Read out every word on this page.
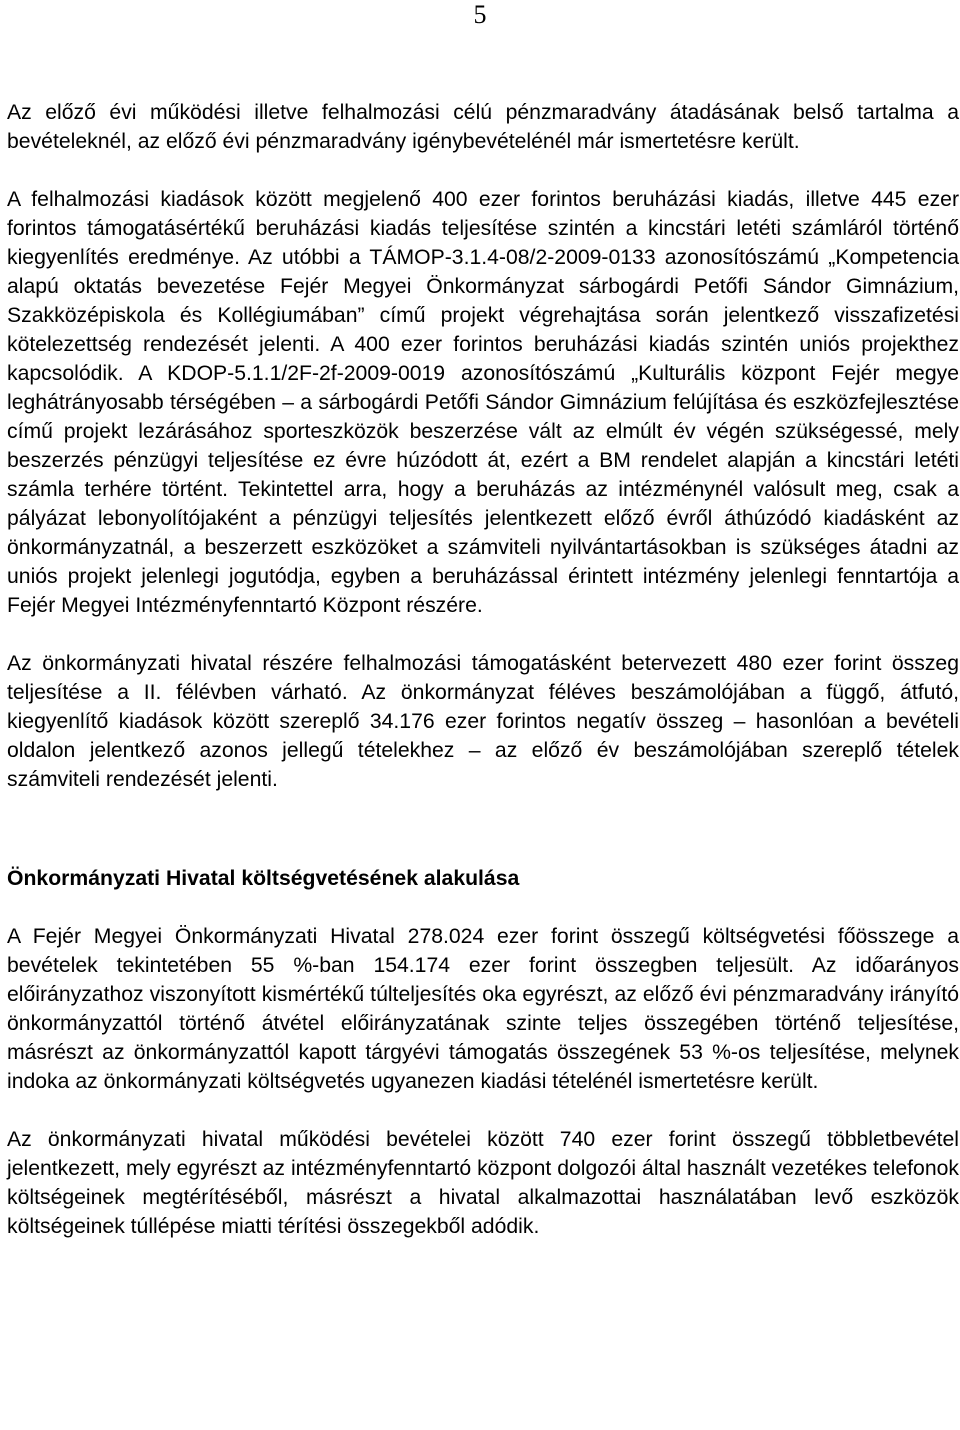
5

Az előző évi működési illetve felhalmozási célú pénzmaradvány átadásának belső tartalma a bevételeknél, az előző évi pénzmaradvány igénybevételénél már ismertetésre került.

A felhalmozási kiadások között megjelenő 400 ezer forintos beruházási kiadás, illetve 445 ezer forintos támogatásértékű beruházási kiadás teljesítése szintén a kincstári letéti számláról történő kiegyenlítés eredménye. Az utóbbi a TÁMOP-3.1.4-08/2-2009-0133 azonosítószámú „Kompetencia alapú oktatás bevezetése Fejér Megyei Önkormányzat sárbogárdi Petőfi Sándor Gimnázium, Szakközépiskola és Kollégiumában” című projekt végrehajtása során jelentkező visszafizetési kötelezettség rendezését jelenti. A 400 ezer forintos beruházási kiadás szintén uniós projekthez kapcsolódik. A KDOP-5.1.1/2F-2f-2009-0019 azonosítószámú „Kulturális központ Fejér megye leghátrányosabb térségében – a sárbogárdi Petőfi Sándor Gimnázium felújítása és eszközfejlesztése című projekt lezárásához sporteszközök beszerzése vált az elmúlt év végén szükségessé, mely beszerzés pénzügyi teljesítése ez évre húzódott át, ezért a BM rendelet alapján a kincstári letéti számla terhére történt. Tekintettel arra, hogy a beruházás az intézménynél valósult meg, csak a pályázat lebonyolítójaként a pénzügyi teljesítés jelentkezett előző évről áthúzódó kiadásként az önkormányzatnál, a beszerzett eszközöket a számviteli nyilvántartásokban is szükséges átadni az uniós projekt jelenlegi jogutódja, egyben a beruházással érintett intézmény jelenlegi fenntartója a Fejér Megyei Intézményfenntartó Központ részére.

Az önkormányzati hivatal részére felhalmozási támogatásként betervezett 480 ezer forint összeg teljesítése a II. félévben várható. Az önkormányzat féléves beszámolójában a függő, átfutó, kiegyenlítő kiadások között szereplő 34.176 ezer forintos negatív összeg – hasonlóan a bevételi oldalon jelentkező azonos jellegű tételekhez – az előző év beszámolójában szereplő tételek számviteli rendezését jelenti.

Önkormányzati Hivatal költségvetésének alakulása

A Fejér Megyei Önkormányzati Hivatal 278.024 ezer forint összegű költségvetési főösszege a bevételek tekintetében 55 %-ban 154.174 ezer forint összegben teljesült. Az időarányos előirányzathoz viszonyított kismértékű túlteljesítés oka egyrészt, az előző évi pénzmaradvány irányító önkormányzattól történő átvétel előirányzatának szinte teljes összegében történő teljesítése, másrészt az önkormányzattól kapott tárgyévi támogatás összegének 53 %-os teljesítése, melynek indoka az önkormányzati költségvetés ugyanezen kiadási tételénél ismertetésre került.

Az önkormányzati hivatal működési bevételei között 740 ezer forint összegű többletbevétel jelentkezett, mely egyrészt az intézményfenntartó központ dolgozói által használt vezetékes telefonok költségeinek megtérítéséből, másrészt a hivatal alkalmazottai használatában levő eszközök költségeinek túllépése miatti térítési összegekből adódik.
